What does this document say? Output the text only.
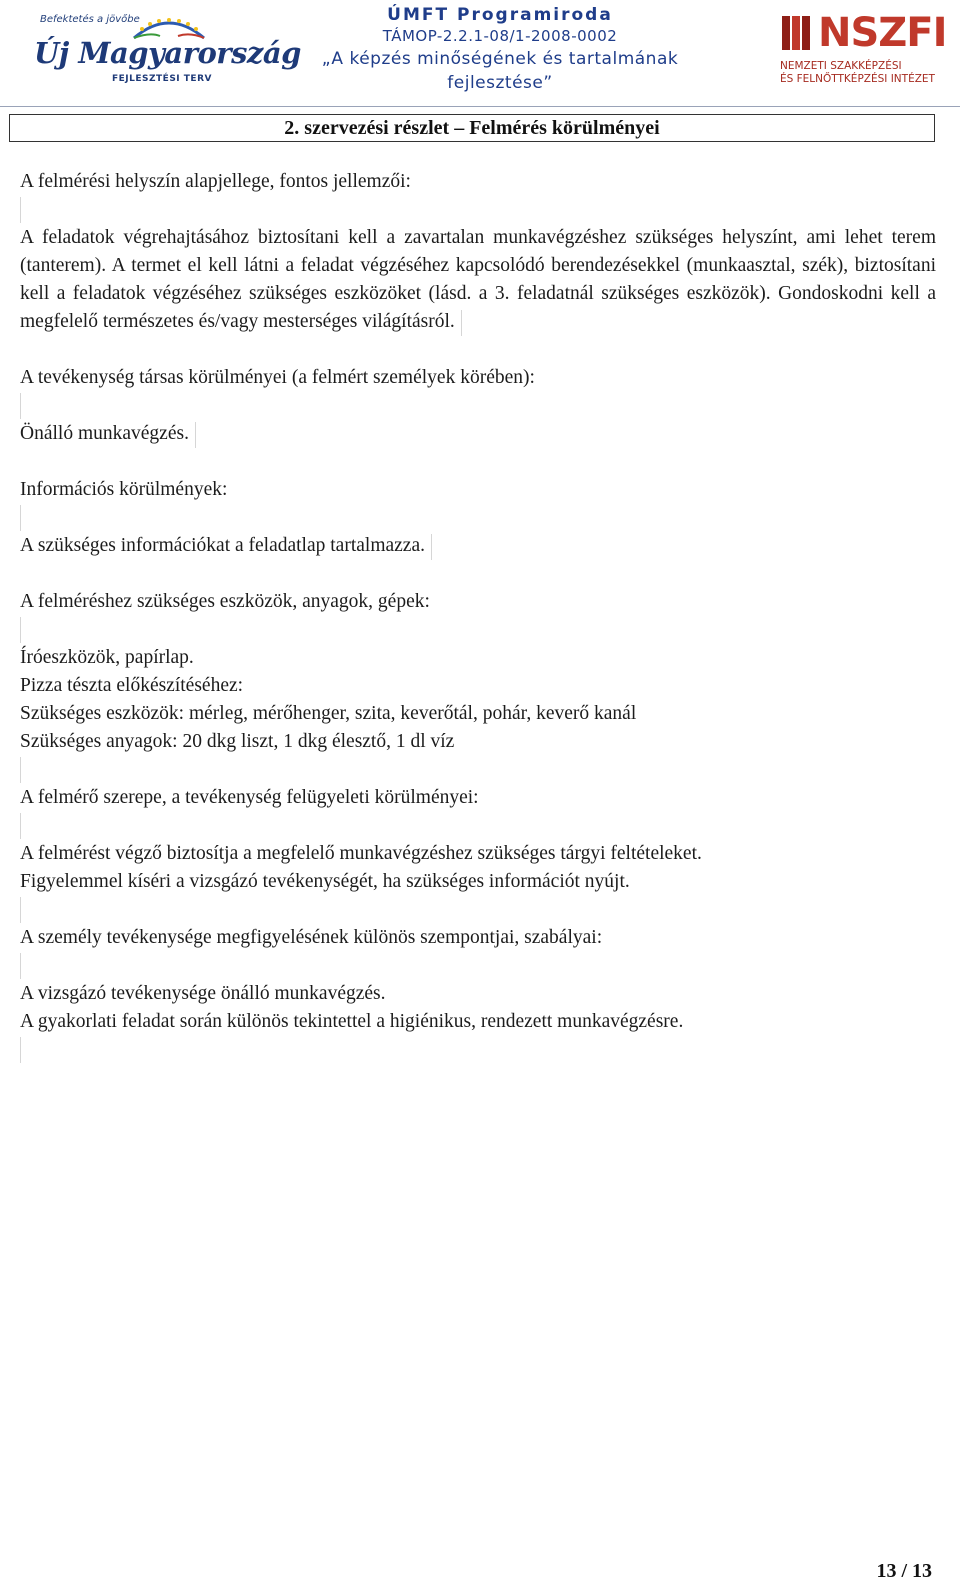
Befektetés a jövőbe
Új Magyarország
FEJLESZTÉSI TERV
ÚMFT Programiroda
TÁMOP-2.2.1-08/1-2008-0002
„A képzés minőségének és tartalmának
fejlesztése”
NSZFI
NEMZETI SZAKKÉPZÉSI
ÉS FELNŐTTKÉPZÉSI INTÉZET
2. szervezési részlet – Felmérés körülményei

A felmérési helyszín alapjellege, fontos jellemzői:

A feladatok végrehajtásához biztosítani kell a zavartalan munkavégzéshez szükséges helyszínt, ami lehet terem (tanterem). A termet el kell látni a feladat végzéséhez kapcsolódó berendezésekkel (munkaasztal, szék), biztosítani kell a feladatok végzéséhez szükséges eszközöket (lásd. a 3. feladatnál szükséges eszközök). Gondoskodni kell a megfelelő természetes és/vagy mesterséges világításról.

A tevékenység társas körülményei (a felmért személyek körében):

Önálló munkavégzés.

Információs körülmények:

A szükséges információkat a feladatlap tartalmazza.

A felméréshez szükséges eszközök, anyagok, gépek:

Íróeszközök, papírlap.

Pizza tészta előkészítéséhez:

Szükséges eszközök: mérleg, mérőhenger, szita, keverőtál, pohár, keverő kanál

Szükséges anyagok: 20 dkg liszt, 1 dkg élesztő, 1 dl víz

A felmérő szerepe, a tevékenység felügyeleti körülményei:

A felmérést végző biztosítja a megfelelő munkavégzéshez szükséges tárgyi feltételeket.

Figyelemmel kíséri a vizsgázó tevékenységét, ha szükséges információt nyújt.

A személy tevékenysége megfigyelésének különös szempontjai, szabályai:

A vizsgázó tevékenysége önálló munkavégzés.

A gyakorlati feladat során különös tekintettel a higiénikus, rendezett munkavégzésre.

13 / 13
